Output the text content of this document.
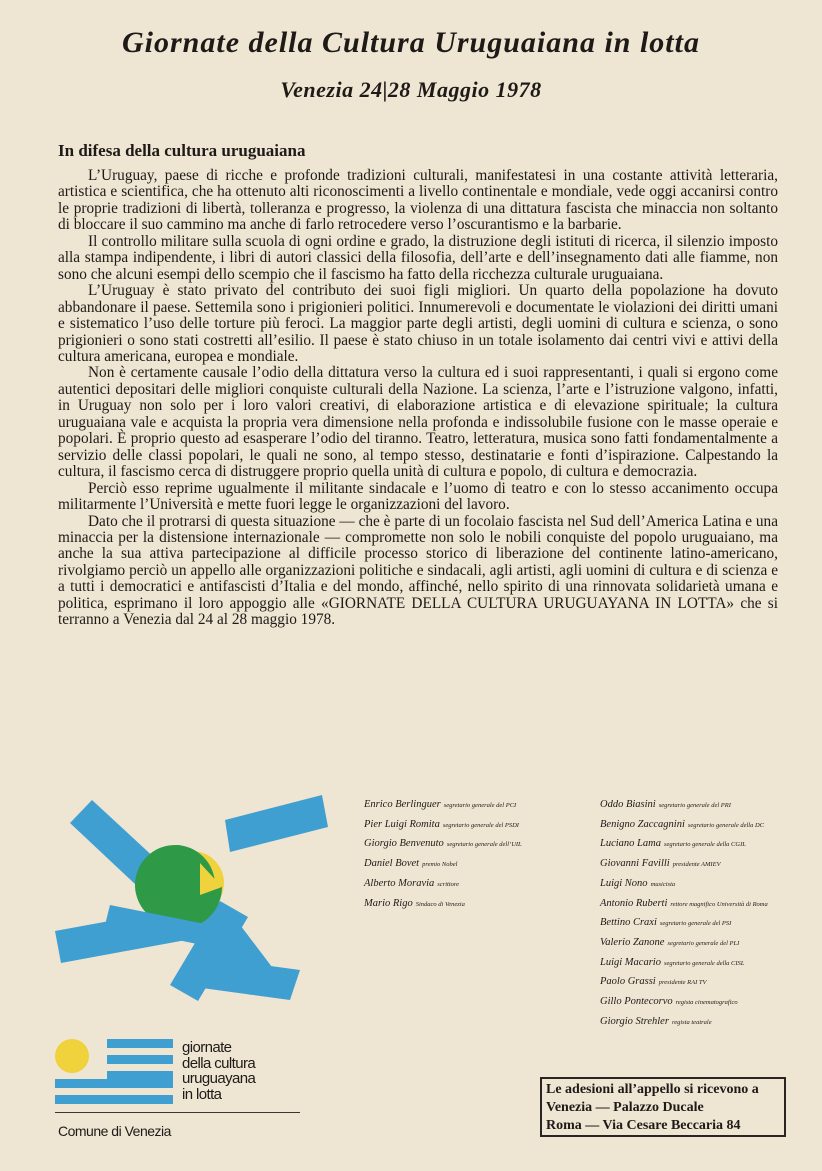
Giornate della Cultura Uruguaiana in lotta
Venezia 24|28 Maggio 1978
In difesa della cultura uruguaiana

L’Uruguay, paese di ricche e profonde tradizioni culturali, manifestatesi in una costante attività letteraria, artistica e scientifica, che ha ottenuto alti riconoscimenti a livello continentale e mondiale, vede oggi accanirsi contro le proprie tradizioni di libertà, tolleranza e progresso, la violenza di una dittatura fascista che minaccia non soltanto di bloccare il suo cammino ma anche di farlo retrocedere verso l’oscurantismo e la barbarie.

Il controllo militare sulla scuola di ogni ordine e grado, la distruzione degli istituti di ricerca, il silenzio imposto alla stampa indipendente, i libri di autori classici della filosofia, dell’arte e dell’insegnamento dati alle fiamme, non sono che alcuni esempi dello scempio che il fascismo ha fatto della ricchezza culturale uruguaiana.

L’Uruguay è stato privato del contributo dei suoi figli migliori. Un quarto della popolazione ha dovuto abbandonare il paese. Settemila sono i prigionieri politici. Innumerevoli e documentate le violazioni dei diritti umani e sistematico l’uso delle torture più feroci. La maggior parte degli artisti, degli uomini di cultura e scienza, o sono prigionieri o sono stati costretti all’esilio. Il paese è stato chiuso in un totale isolamento dai centri vivi e attivi della cultura americana, europea e mondiale.

Non è certamente causale l’odio della dittatura verso la cultura ed i suoi rappresentanti, i quali si ergono come autentici depositari delle migliori conquiste culturali della Nazione. La scienza, l’arte e l’istruzione valgono, infatti, in Uruguay non solo per i loro valori creativi, di elaborazione artistica e di elevazione spirituale; la cultura uruguaiana vale e acquista la propria vera dimensione nella profonda e indissolubile fusione con le masse operaie e popolari. È proprio questo ad esasperare l’odio del tiranno. Teatro, letteratura, musica sono fatti fondamentalmente a servizio delle classi popolari, le quali ne sono, al tempo stesso, destinatarie e fonti d’ispirazione. Calpestando la cultura, il fascismo cerca di distruggere proprio quella unità di cultura e popolo, di cultura e democrazia.

Perciò esso reprime ugualmente il militante sindacale e l’uomo di teatro e con lo stesso accanimento occupa militarmente l’Università e mette fuori legge le organizzazioni del lavoro.

Dato che il protrarsi di questa situazione — che è parte di un focolaio fascista nel Sud dell’America Latina e una minaccia per la distensione internazionale — compromette non solo le nobili conquiste del popolo uruguaiano, ma anche la sua attiva partecipazione al difficile processo storico di liberazione del continente latino-americano, rivolgiamo perciò un appello alle organizzazioni politiche e sindacali, agli artisti, agli uomini di cultura e di scienza e a tutti i democratici e antifascisti d’Italia e del mondo, affinché, nello spirito di una rinnovata solidarietà umana e politica, esprimano il loro appoggio alle «GIORNATE DELLA CULTURA URUGUAYANA IN LOTTA» che si terranno a Venezia dal 24 al 28 maggio 1978.

Enrico Berlinguer segretario generale del PCI
Pier Luigi Romita segretario generale del PSDI
Giorgio Benvenuto segretario generale dell’UIL
Daniel Bovet premio Nobel
Alberto Moravia scrittore
Mario Rigo Sindaco di Venezia
Oddo Biasini segretario generale del PRI
Benigno Zaccagnini segretario generale della DC
Luciano Lama segretario generale della CGIL
Giovanni Favilli presidente AMIEV
Luigi Nono musicista
Antonio Ruberti rettore magnifico Università di Roma
Bettino Craxi segretario generale del PSI
Valerio Zanone segretario generale del PLI
Luigi Macario segretario generale della CISL
Paolo Grassi presidente RAI TV
Gillo Pontecorvo regista cinematografico
Giorgio Strehler regista teatrale
giornate
della cultura
uruguayana
in lotta
Comune di Venezia
Le adesioni all’appello si ricevono a
Venezia — Palazzo Ducale
Roma — Via Cesare Beccaria 84
